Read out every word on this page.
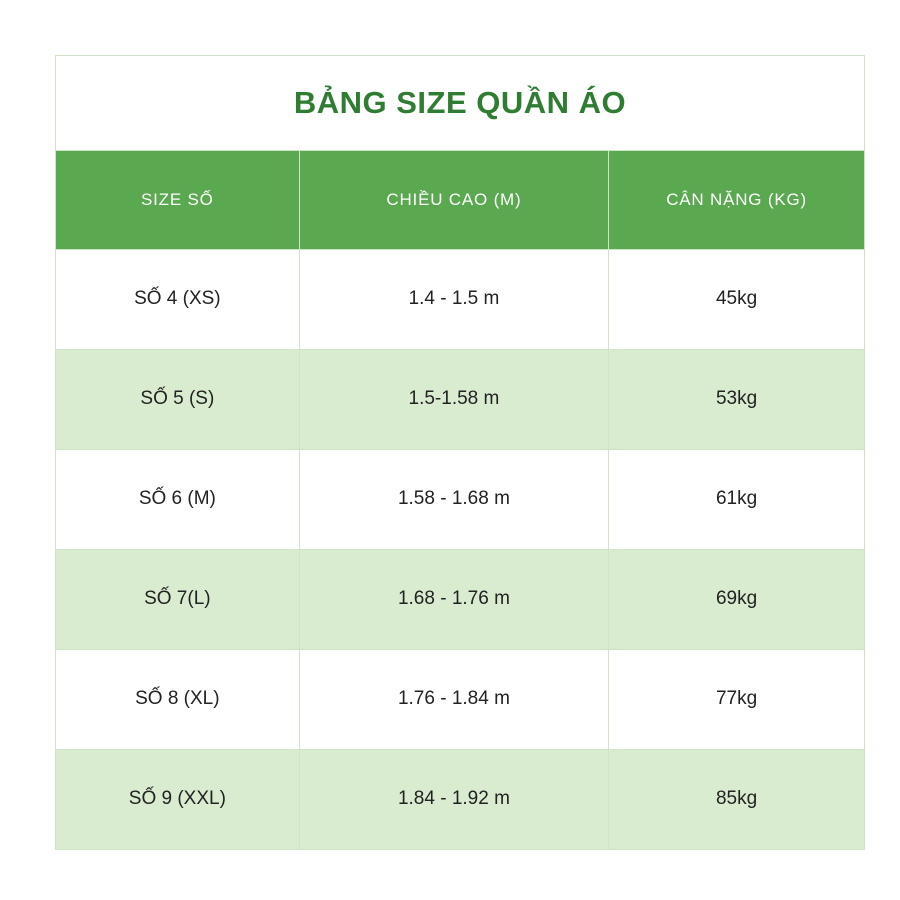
BẢNG SIZE QUẦN ÁO
SIZE SỐ	CHIỀU CAO (M)	CÂN NẶNG (KG)
SỐ 4 (XS)	1.4 - 1.5 m	45kg
SỐ 5 (S)	1.5-1.58 m	53kg
SỐ 6 (M)	1.58 - 1.68 m	61kg
SỐ 7(L)	1.68 - 1.76 m	69kg
SỐ 8 (XL)	1.76 - 1.84 m	77kg
SỐ 9 (XXL)	1.84 - 1.92 m	85kg
